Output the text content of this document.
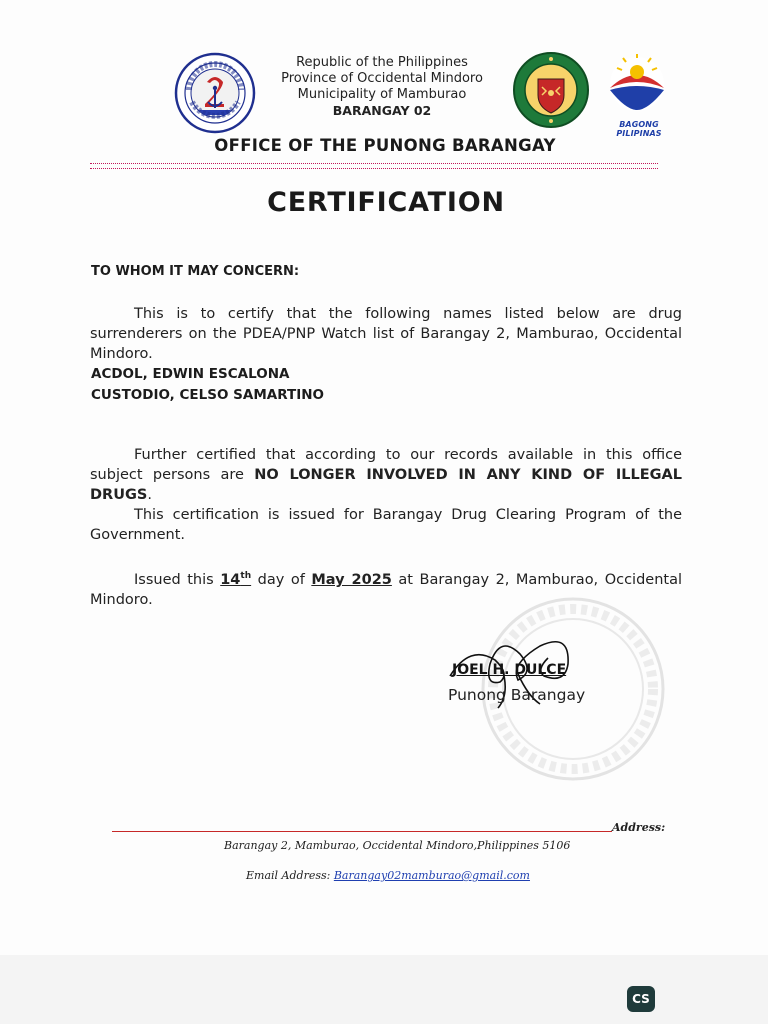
Republic of the Philippines
Province of Occidental Mindoro
Municipality of Mamburao
BARANGAY 02
BAGONG PILIPINAS
OFFICE OF THE PUNONG BARANGAY
CERTIFICATION
TO WHOM IT MAY CONCERN:
This is to certify that the following names listed below are drug surrenderers on the PDEA/PNP Watch list of Barangay 2, Mamburao, Occidental Mindoro.
ACDOL, EDWIN ESCALONA
CUSTODIO, CELSO SAMARTINO
Further certified that according to our records available in this office subject persons are NO LONGER INVOLVED IN ANY KIND OF ILLEGAL DRUGS.
This certification is issued for Barangay Drug Clearing Program of the Government.
Issued this 14th day of May 2025 at Barangay 2, Mamburao, Occidental Mindoro.
JOEL H. DULCE
Punong Barangay
Address:
Barangay 2, Mamburao, Occidental Mindoro,Philippines 5106
Email Address: Barangay02mamburao@gmail.com
CS
